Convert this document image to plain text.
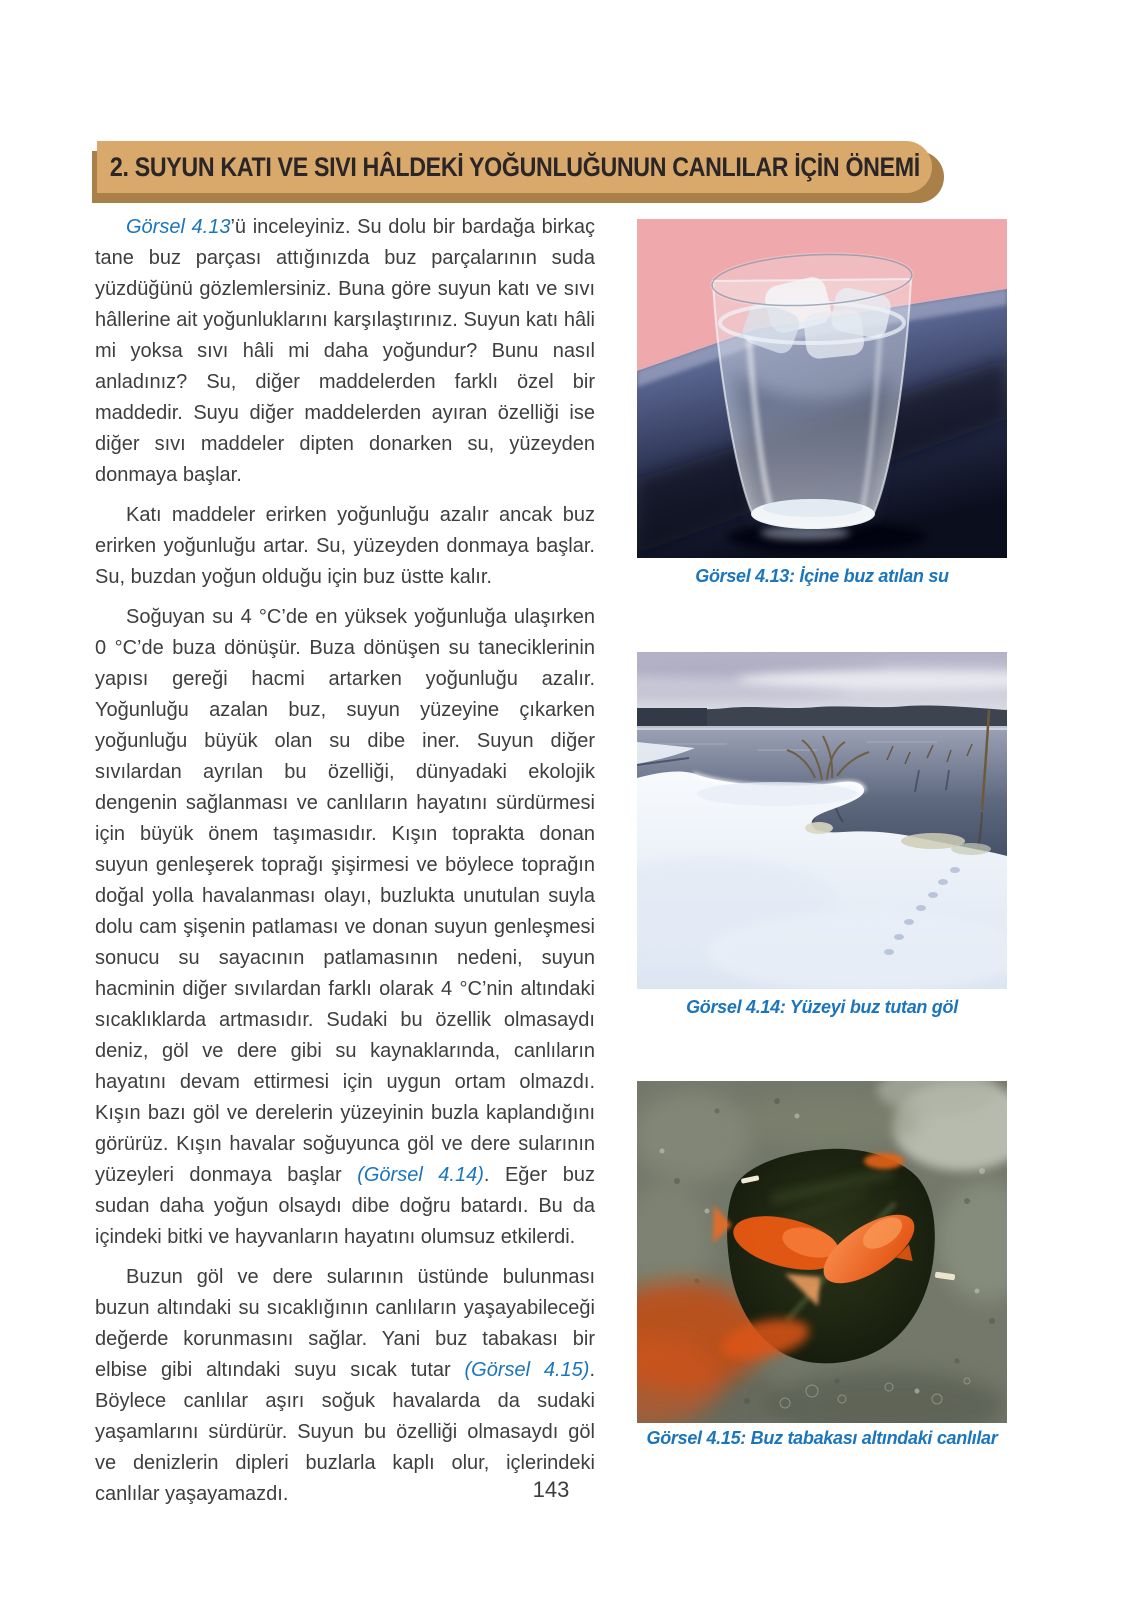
2. SUYUN KATI VE SIVI HÂLDEKİ YOĞUNLUĞUNUN CANLILAR İÇİN ÖNEMİ

Görsel 4.13’ü inceleyiniz. Su dolu bir bardağa birkaç tane buz parçası attığınızda buz parçalarının suda yüzdüğünü gözlemlersiniz. Buna göre suyun katı ve sıvı hâllerine ait yoğunluklarını karşılaştırınız. Suyun katı hâli mi yoksa sıvı hâli mi daha yoğundur? Bunu nasıl anladınız? Su, diğer maddelerden farklı özel bir maddedir. Suyu diğer maddelerden ayıran özelliği ise diğer sıvı maddeler dipten donarken su, yüzeyden donmaya başlar.

Katı maddeler erirken yoğunluğu azalır ancak buz erirken yoğunluğu artar. Su, yüzeyden donmaya başlar. Su, buzdan yoğun olduğu için buz üstte kalır.

Soğuyan su 4 °C’de en yüksek yoğunluğa ulaşırken 0 °C’de buza dönüşür. Buza dönüşen su taneciklerinin yapısı gereği hacmi artarken yoğunluğu azalır. Yoğunluğu azalan buz, suyun yüzeyine çıkarken yoğunluğu büyük olan su dibe iner. Suyun diğer sıvılardan ayrılan bu özelliği, dünyadaki ekolojik dengenin sağlanması ve canlıların hayatını sürdürmesi için büyük önem taşımasıdır. Kışın toprakta donan suyun genleşerek toprağı şişirmesi ve böylece toprağın doğal yolla havalanması olayı, buzlukta unutulan suyla dolu cam şişenin patlaması ve donan suyun genleşmesi sonucu su sayacının patlamasının nedeni, suyun hacminin diğer sıvılardan farklı olarak 4 °C’nin altındaki sıcaklıklarda artmasıdır. Sudaki bu özellik olmasaydı deniz, göl ve dere gibi su kaynaklarında, canlıların hayatını devam ettirmesi için uygun ortam olmazdı. Kışın bazı göl ve derelerin yüzeyinin buzla kaplandığını görürüz. Kışın havalar soğuyunca göl ve dere sularının yüzeyleri donmaya başlar (Görsel 4.14). Eğer buz sudan daha yoğun olsaydı dibe doğru batardı. Bu da içindeki bitki ve hayvanların hayatını olumsuz etkilerdi.

Buzun göl ve dere sularının üstünde bulunması buzun altındaki su sıcaklığının canlıların yaşayabileceği değerde korunmasını sağlar. Yani buz tabakası bir elbise gibi altındaki suyu sıcak tutar (Görsel 4.15). Böylece canlılar aşırı soğuk havalarda da sudaki yaşamlarını sürdürür. Suyun bu özelliği olmasaydı göl ve denizlerin dipleri buzlarla kaplı olur, içlerindeki canlılar yaşayamazdı.

Görsel 4.13: İçine buz atılan su
Görsel 4.14: Yüzeyi buz tutan göl
Görsel 4.15: Buz tabakası altındaki canlılar
143
